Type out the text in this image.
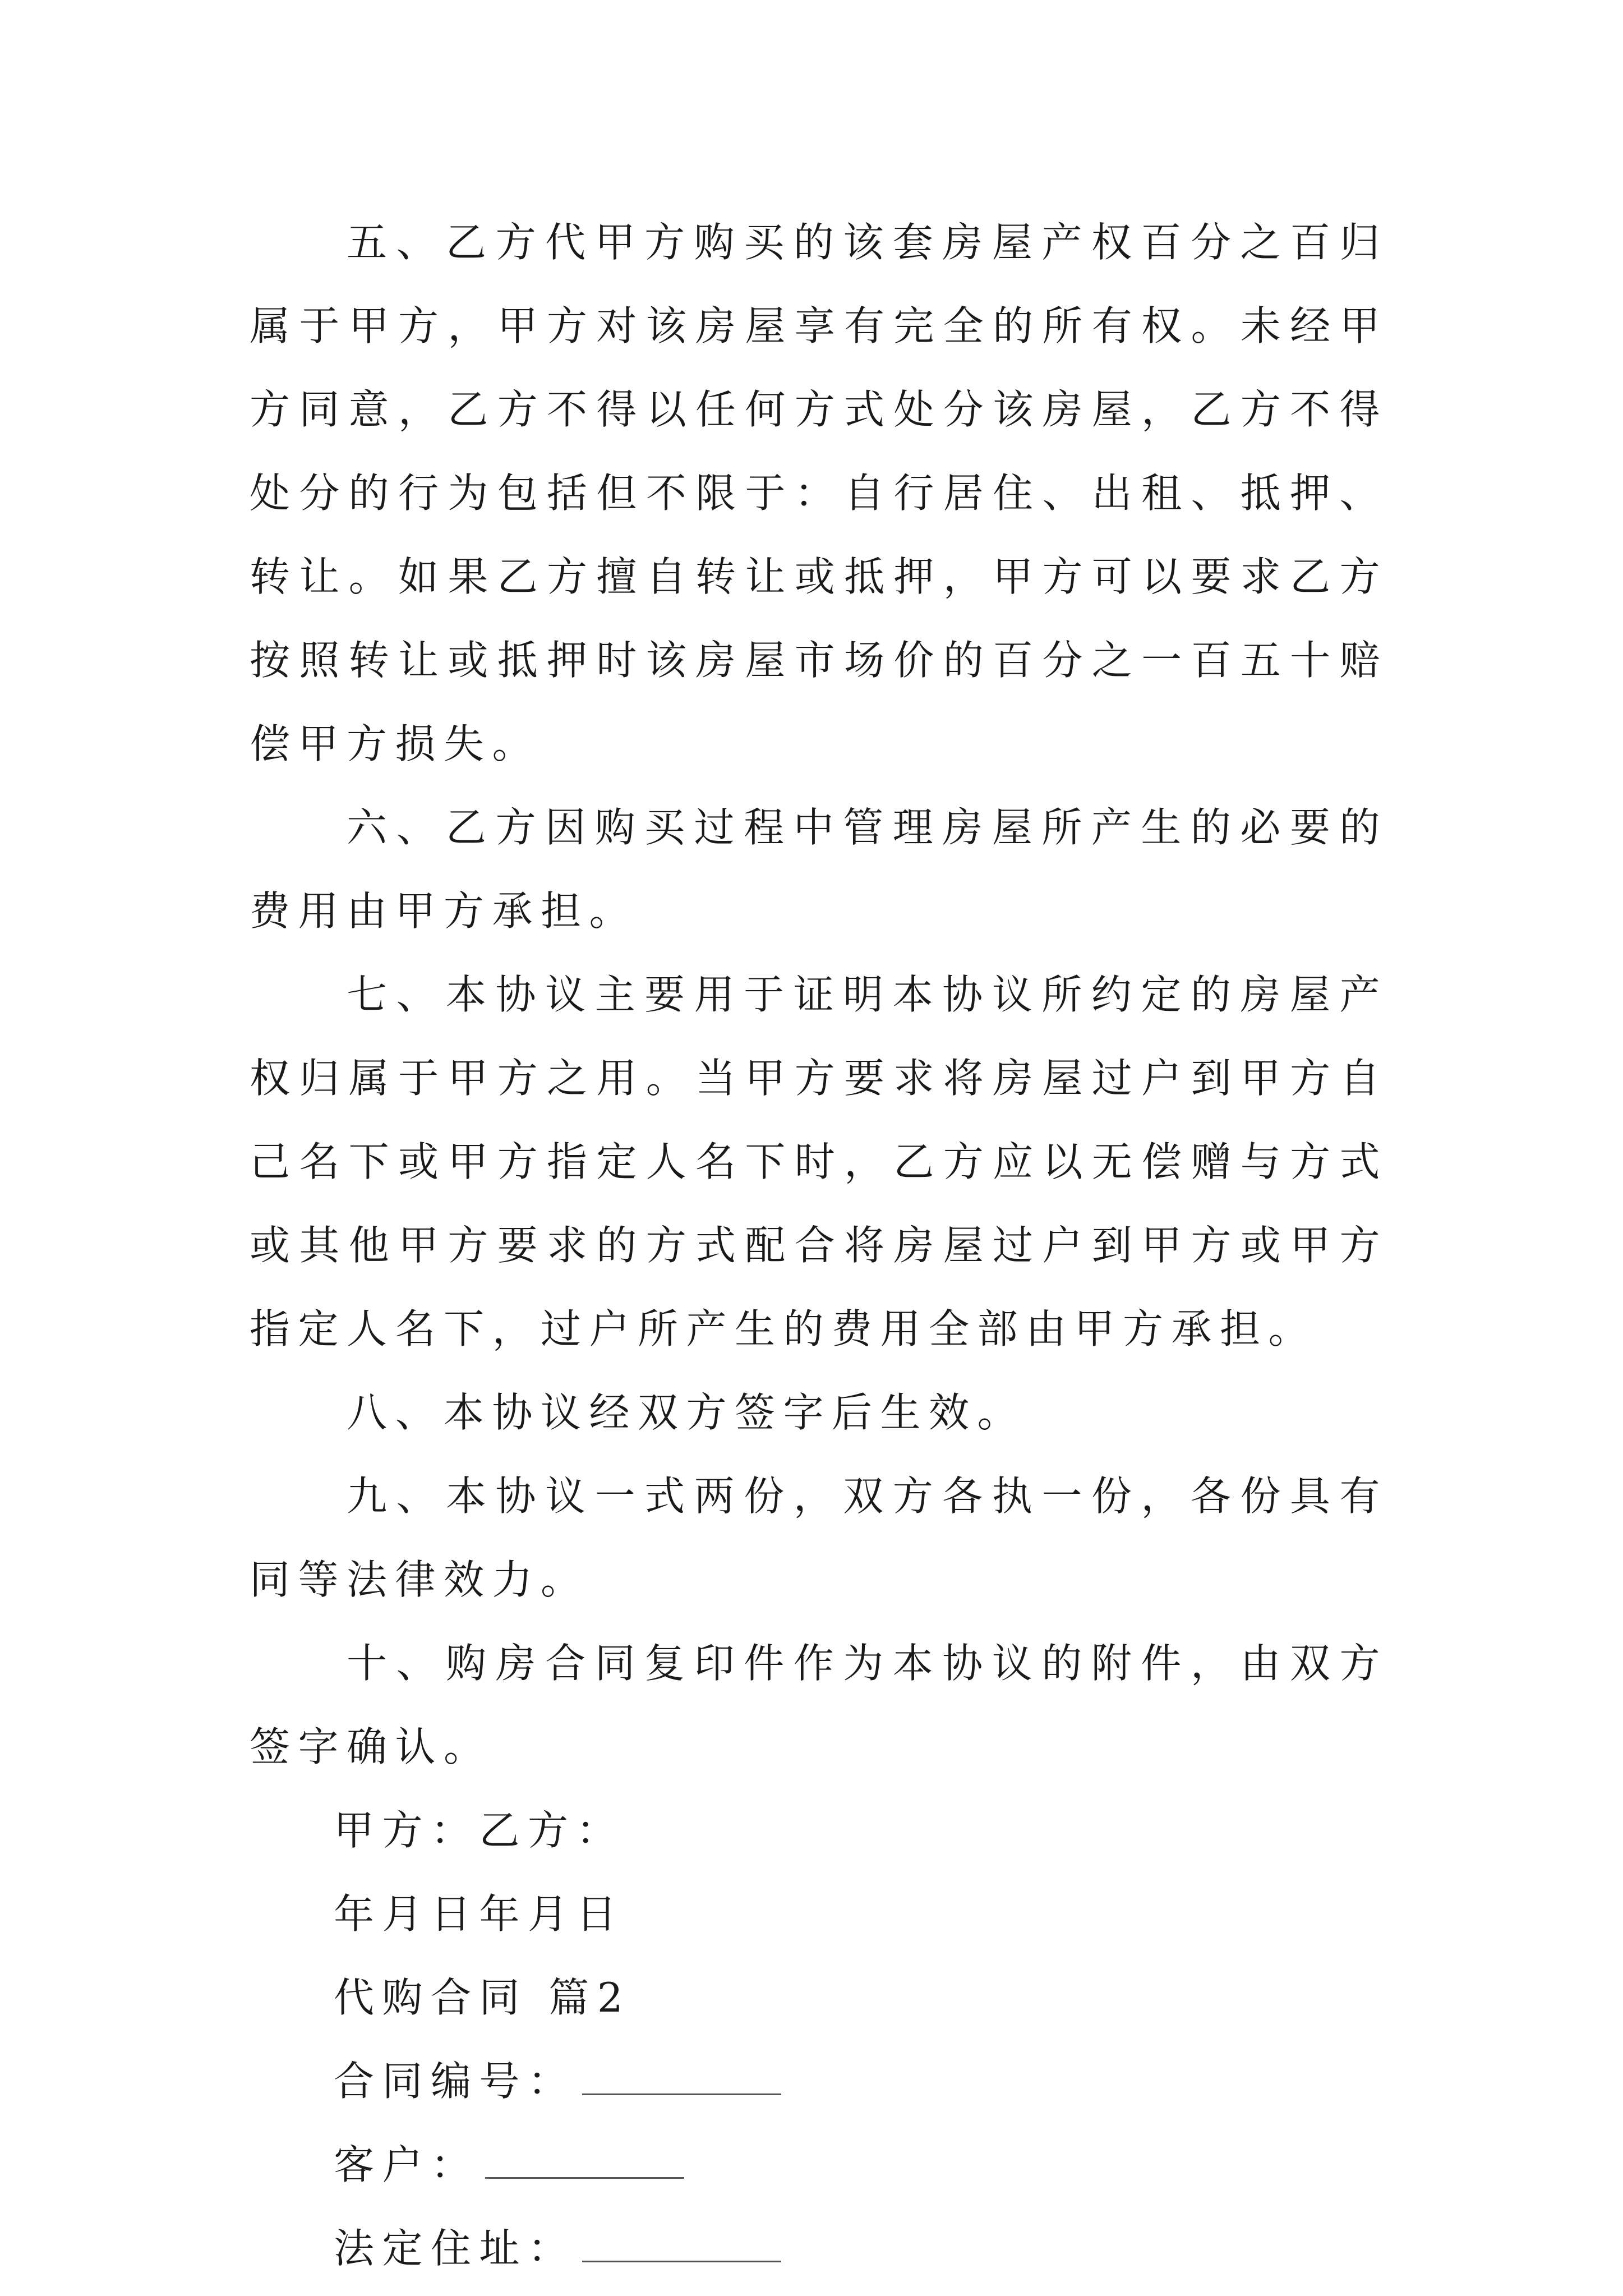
五、乙方代甲方购买的该套房屋产权百分之百归属于甲方，甲方对该房屋享有完全的所有权。未经甲方同意，乙方不得以任何方式处分该房屋，乙方不得处分的行为包括但不限于：自行居住、出租、抵押、转让。如果乙方擅自转让或抵押，甲方可以要求乙方按照转让或抵押时该房屋市场价的百分之一百五十赔偿甲方损失。

六、乙方因购买过程中管理房屋所产生的必要的费用由甲方承担。

七、本协议主要用于证明本协议所约定的房屋产权归属于甲方之用。当甲方要求将房屋过户到甲方自己名下或甲方指定人名下时，乙方应以无偿赠与方式或其他甲方要求的方式配合将房屋过户到甲方或甲方指定人名下，过户所产生的费用全部由甲方承担。

八、本协议经双方签字后生效。

九、本协议一式两份，双方各执一份，各份具有同等法律效力。

十、购房合同复印件作为本协议的附件，由双方签字确认。

甲方：乙方：

年月日年月日

代购合同 篇2

合同编号：

客户：

法定住址：
